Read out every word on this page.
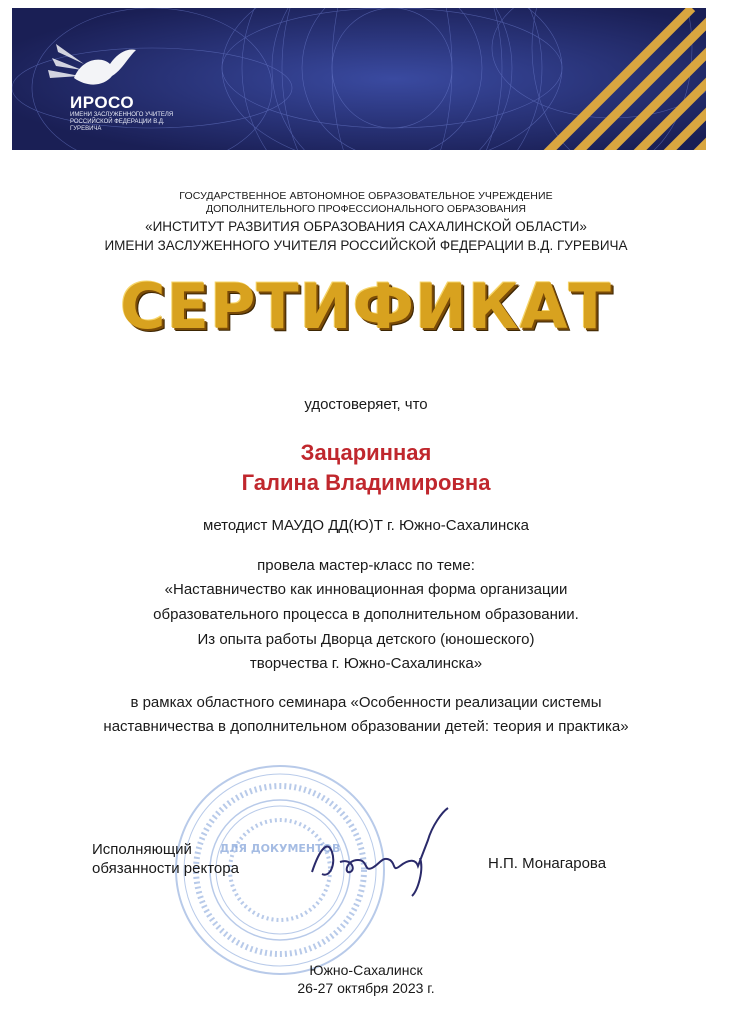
ИРОСО
ИМЕНИ ЗАСЛУЖЕННОГО УЧИТЕЛЯ РОССИЙСКОЙ ФЕДЕРАЦИИ В.Д. ГУРЕВИЧА
ГОСУДАРСТВЕННОЕ АВТОНОМНОЕ ОБРАЗОВАТЕЛЬНОЕ УЧРЕЖДЕНИЕ
ДОПОЛНИТЕЛЬНОГО ПРОФЕССИОНАЛЬНОГО ОБРАЗОВАНИЯ
«ИНСТИТУТ РАЗВИТИЯ ОБРАЗОВАНИЯ САХАЛИНСКОЙ ОБЛАСТИ»
ИМЕНИ ЗАСЛУЖЕННОГО УЧИТЕЛЯ РОССИЙСКОЙ ФЕДЕРАЦИИ В.Д. ГУРЕВИЧА
СЕРТИФИКАТ
удостоверяет, что
Зацаринная
Галина Владимировна
методист МАУДО ДД(Ю)Т г. Южно-Сахалинска
провела мастер-класс по теме:
«Наставничество как инновационная форма организации
образовательного процесса в дополнительном образовании.
Из опыта работы Дворца детского (юношеского)
творчества г. Южно-Сахалинска»
в рамках областного семинара «Особенности реализации системы
наставничества в дополнительном образовании детей: теория и практика»
ДЛЯ ДОКУМЕНТОВ
Исполняющий
обязанности ректора	Н.П. Монагарова
Южно-Сахалинск
26-27 октября 2023 г.
